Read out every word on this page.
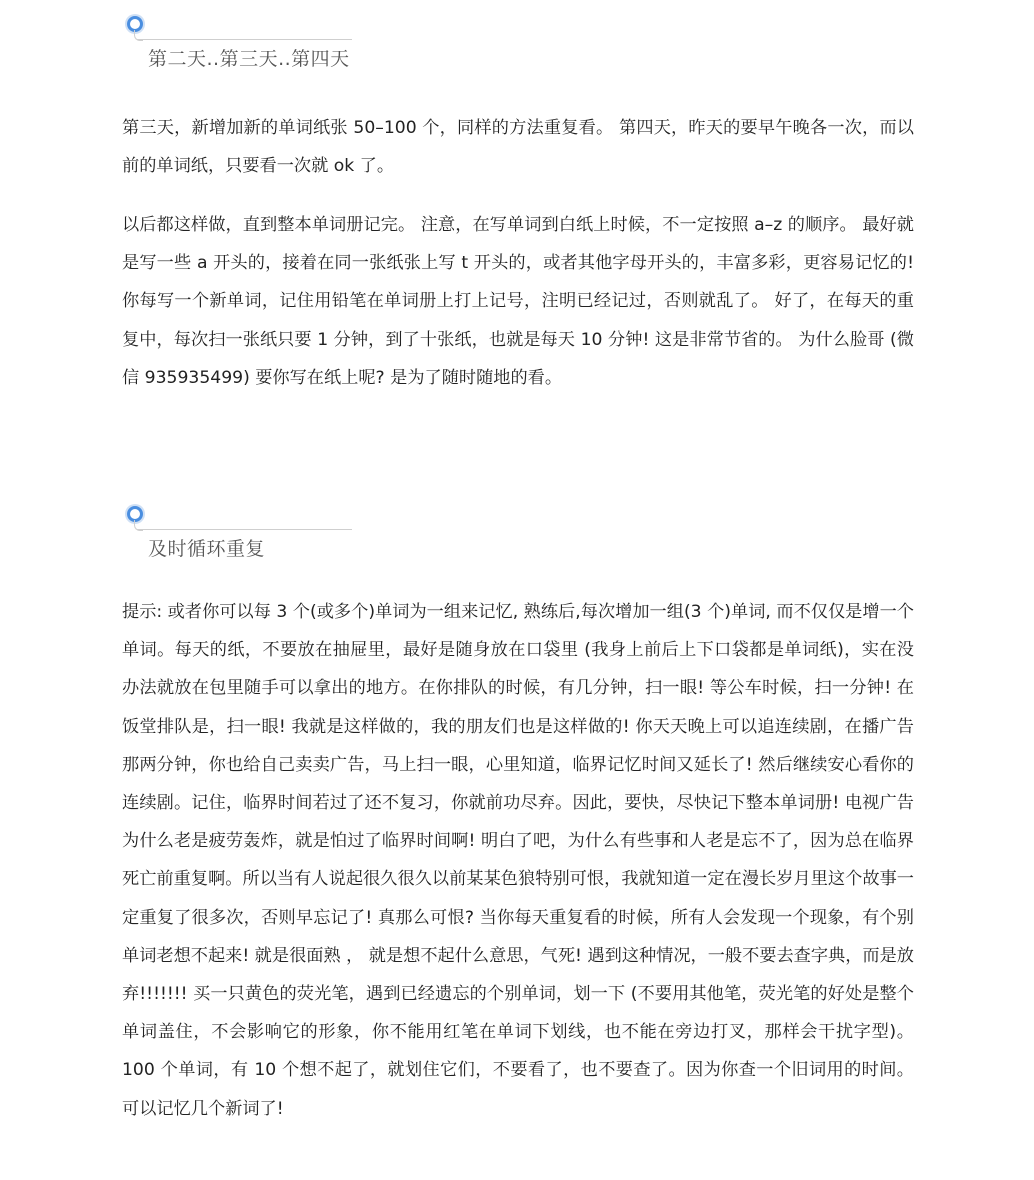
第二天..第三天..第四天

第三天，新增加新的单词纸张 50–100 个，同样的方法重复看。 第四天，昨天的要早午晚各一次，而以前的单词纸，只要看一次就 ok 了。

以后都这样做，直到整本单词册记完。 注意，在写单词到白纸上时候，不一定按照 a–z 的顺序。 最好就是写一些 a 开头的，接着在同一张纸张上写 t 开头的，或者其他字母开头的，丰富多彩，更容易记忆的! 你每写一个新单词，记住用铅笔在单词册上打上记号，注明已经记过，否则就乱了。 好了，在每天的重复中，每次扫一张纸只要 1 分钟，到了十张纸，也就是每天 10 分钟! 这是非常节省的。 为什么脸哥 (微信 935935499) 要你写在纸上呢? 是为了随时随地的看。

及时循环重复

提示: 或者你可以每 3 个(或多个)单词为一组来记忆, 熟练后,每次增加一组(3 个)单词, 而不仅仅是增一个单词。每天的纸，不要放在抽屉里，最好是随身放在口袋里 (我身上前后上下口袋都是单词纸)，实在没办法就放在包里随手可以拿出的地方。在你排队的时候，有几分钟，扫一眼! 等公车时候，扫一分钟! 在饭堂排队是，扫一眼! 我就是这样做的，我的朋友们也是这样做的! 你天天晚上可以追连续剧，在播广告那两分钟，你也给自己卖卖广告，马上扫一眼，心里知道，临界记忆时间又延长了! 然后继续安心看你的连续剧。记住，临界时间若过了还不复习，你就前功尽弃。因此，要快，尽快记下整本单词册! 电视广告为什么老是疲劳轰炸，就是怕过了临界时间啊! 明白了吧，为什么有些事和人老是忘不了，因为总在临界死亡前重复啊。所以当有人说起很久很久以前某某色狼特别可恨，我就知道一定在漫长岁月里这个故事一定重复了很多次，否则早忘记了! 真那么可恨? 当你每天重复看的时候，所有人会发现一个现象，有个别单词老想不起来! 就是很面熟 ， 就是想不起什么意思，气死! 遇到这种情况，一般不要去查字典，而是放弃!!!!!!! 买一只黄色的荧光笔，遇到已经遗忘的个别单词，划一下 (不要用其他笔，荧光笔的好处是整个单词盖住，不会影响它的形象，你不能用红笔在单词下划线，也不能在旁边打叉，那样会干扰字型)。100 个单词，有 10 个想不起了，就划住它们，不要看了，也不要查了。因为你查一个旧词用的时间。可以记忆几个新词了!
